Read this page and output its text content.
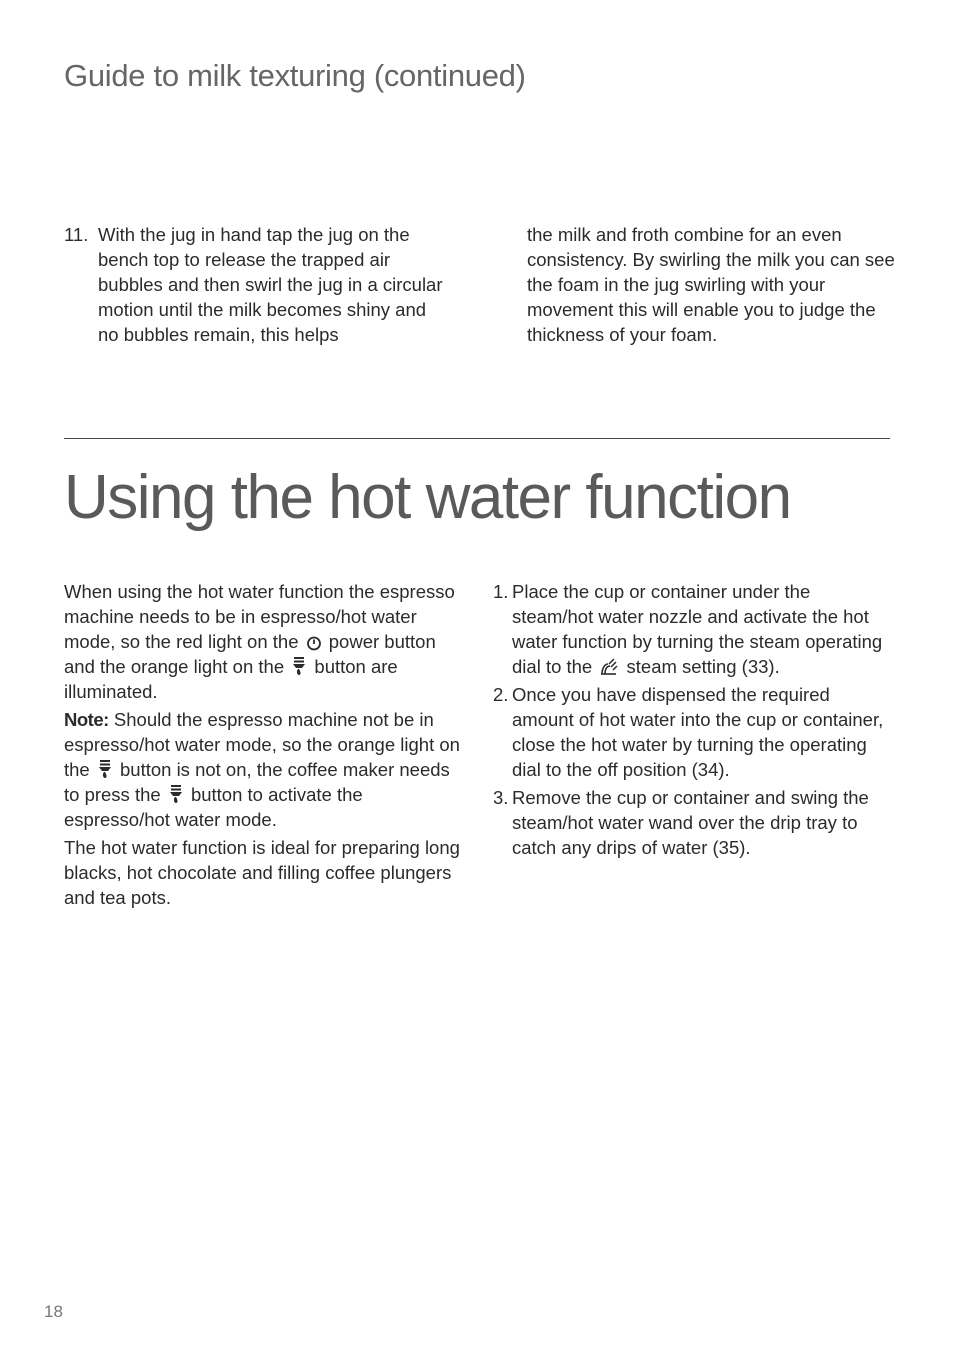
Guide to milk texturing (continued)
11. With the jug in hand tap the jug on the bench top to release the trapped air bubbles and then swirl the jug in a circular motion until the milk becomes shiny and no bubbles remain, this helps
the milk and froth combine for an even consistency. By swirling the milk you can see the foam in the jug swirling with your movement this will enable you to judge the thickness of your foam.
Using the hot water function

When using the hot water function the espresso machine needs to be in espresso/hot water mode, so the red light on the power button and the orange light on the button are illuminated.

Note: Should the espresso machine not be in espresso/hot water mode, so the orange light on the button is not on, the coffee maker needs to press the button to activate the espresso/hot water mode.

The hot water function is ideal for preparing long blacks, hot chocolate and filling coffee plungers and tea pots.

1. Place the cup or container under the steam/hot water nozzle and activate the hot water function by turning the steam operating dial to the steam setting (33).
2. Once you have dispensed the required amount of hot water into the cup or container, close the hot water by turning the operating dial to the off position (34).
3. Remove the cup or container and swing the steam/hot water wand over the drip tray to catch any drips of water (35).
18
